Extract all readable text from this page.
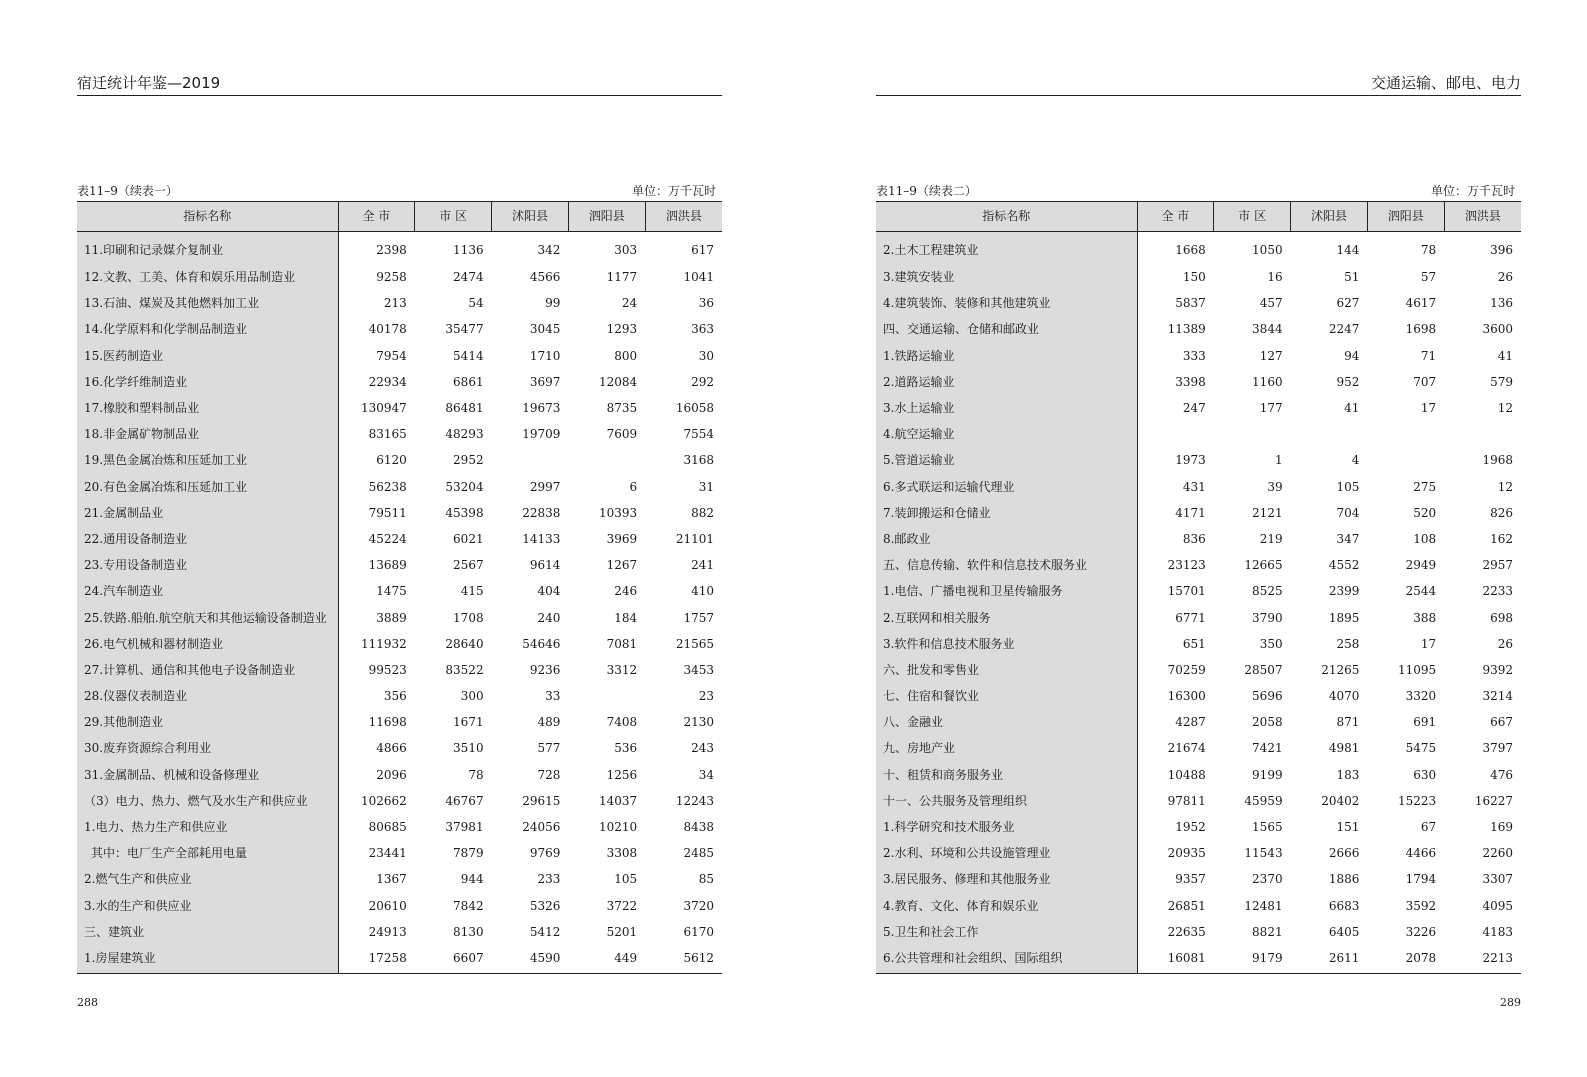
宿迁统计年鉴—2019
表11–9（续表一）	单位：万千瓦时
指标名称	全 市	市 区	沭阳县	泗阳县	泗洪县
11.印刷和记录媒介复制业	2398	1136	342	303	617
12.文教、工美、体育和娱乐用品制造业	9258	2474	4566	1177	1041
13.石油、煤炭及其他燃料加工业	213	54	99	24	36
14.化学原料和化学制品制造业	40178	35477	3045	1293	363
15.医药制造业	7954	5414	1710	800	30
16.化学纤维制造业	22934	6861	3697	12084	292
17.橡胶和塑料制品业	130947	86481	19673	8735	16058
18.非金属矿物制品业	83165	48293	19709	7609	7554
19.黑色金属冶炼和压延加工业	6120	2952			3168
20.有色金属冶炼和压延加工业	56238	53204	2997	6	31
21.金属制品业	79511	45398	22838	10393	882
22.通用设备制造业	45224	6021	14133	3969	21101
23.专用设备制造业	13689	2567	9614	1267	241
24.汽车制造业	1475	415	404	246	410
25.铁路.船舶.航空航天和其他运输设备制造业	3889	1708	240	184	1757
26.电气机械和器材制造业	111932	28640	54646	7081	21565
27.计算机、通信和其他电子设备制造业	99523	83522	9236	3312	3453
28.仪器仪表制造业	356	300	33		23
29.其他制造业	11698	1671	489	7408	2130
30.废弃资源综合利用业	4866	3510	577	536	243
31.金属制品、机械和设备修理业	2096	78	728	1256	34
（3）电力、热力、燃气及水生产和供应业	102662	46767	29615	14037	12243
1.电力、热力生产和供应业	80685	37981	24056	10210	8438
其中：电厂生产全部耗用电量	23441	7879	9769	3308	2485
2.燃气生产和供应业	1367	944	233	105	85
3.水的生产和供应业	20610	7842	5326	3722	3720
三、建筑业	24913	8130	5412	5201	6170
1.房屋建筑业	17258	6607	4590	449	5612
288
交通运输、邮电、电力
表11–9（续表二）	单位：万千瓦时
指标名称	全 市	市 区	沭阳县	泗阳县	泗洪县
2.土木工程建筑业	1668	1050	144	78	396
3.建筑安装业	150	16	51	57	26
4.建筑装饰、装修和其他建筑业	5837	457	627	4617	136
四、交通运输、仓储和邮政业	11389	3844	2247	1698	3600
1.铁路运输业	333	127	94	71	41
2.道路运输业	3398	1160	952	707	579
3.水上运输业	247	177	41	17	12
4.航空运输业					
5.管道运输业	1973	1	4		1968
6.多式联运和运输代理业	431	39	105	275	12
7.装卸搬运和仓储业	4171	2121	704	520	826
8.邮政业	836	219	347	108	162
五、信息传输、软件和信息技术服务业	23123	12665	4552	2949	2957
1.电信、广播电视和卫星传输服务	15701	8525	2399	2544	2233
2.互联网和相关服务	6771	3790	1895	388	698
3.软件和信息技术服务业	651	350	258	17	26
六、批发和零售业	70259	28507	21265	11095	9392
七、住宿和餐饮业	16300	5696	4070	3320	3214
八、金融业	4287	2058	871	691	667
九、房地产业	21674	7421	4981	5475	3797
十、租赁和商务服务业	10488	9199	183	630	476
十一、公共服务及管理组织	97811	45959	20402	15223	16227
1.科学研究和技术服务业	1952	1565	151	67	169
2.水利、环境和公共设施管理业	20935	11543	2666	4466	2260
3.居民服务、修理和其他服务业	9357	2370	1886	1794	3307
4.教育、文化、体育和娱乐业	26851	12481	6683	3592	4095
5.卫生和社会工作	22635	8821	6405	3226	4183
6.公共管理和社会组织、国际组织	16081	9179	2611	2078	2213
289
